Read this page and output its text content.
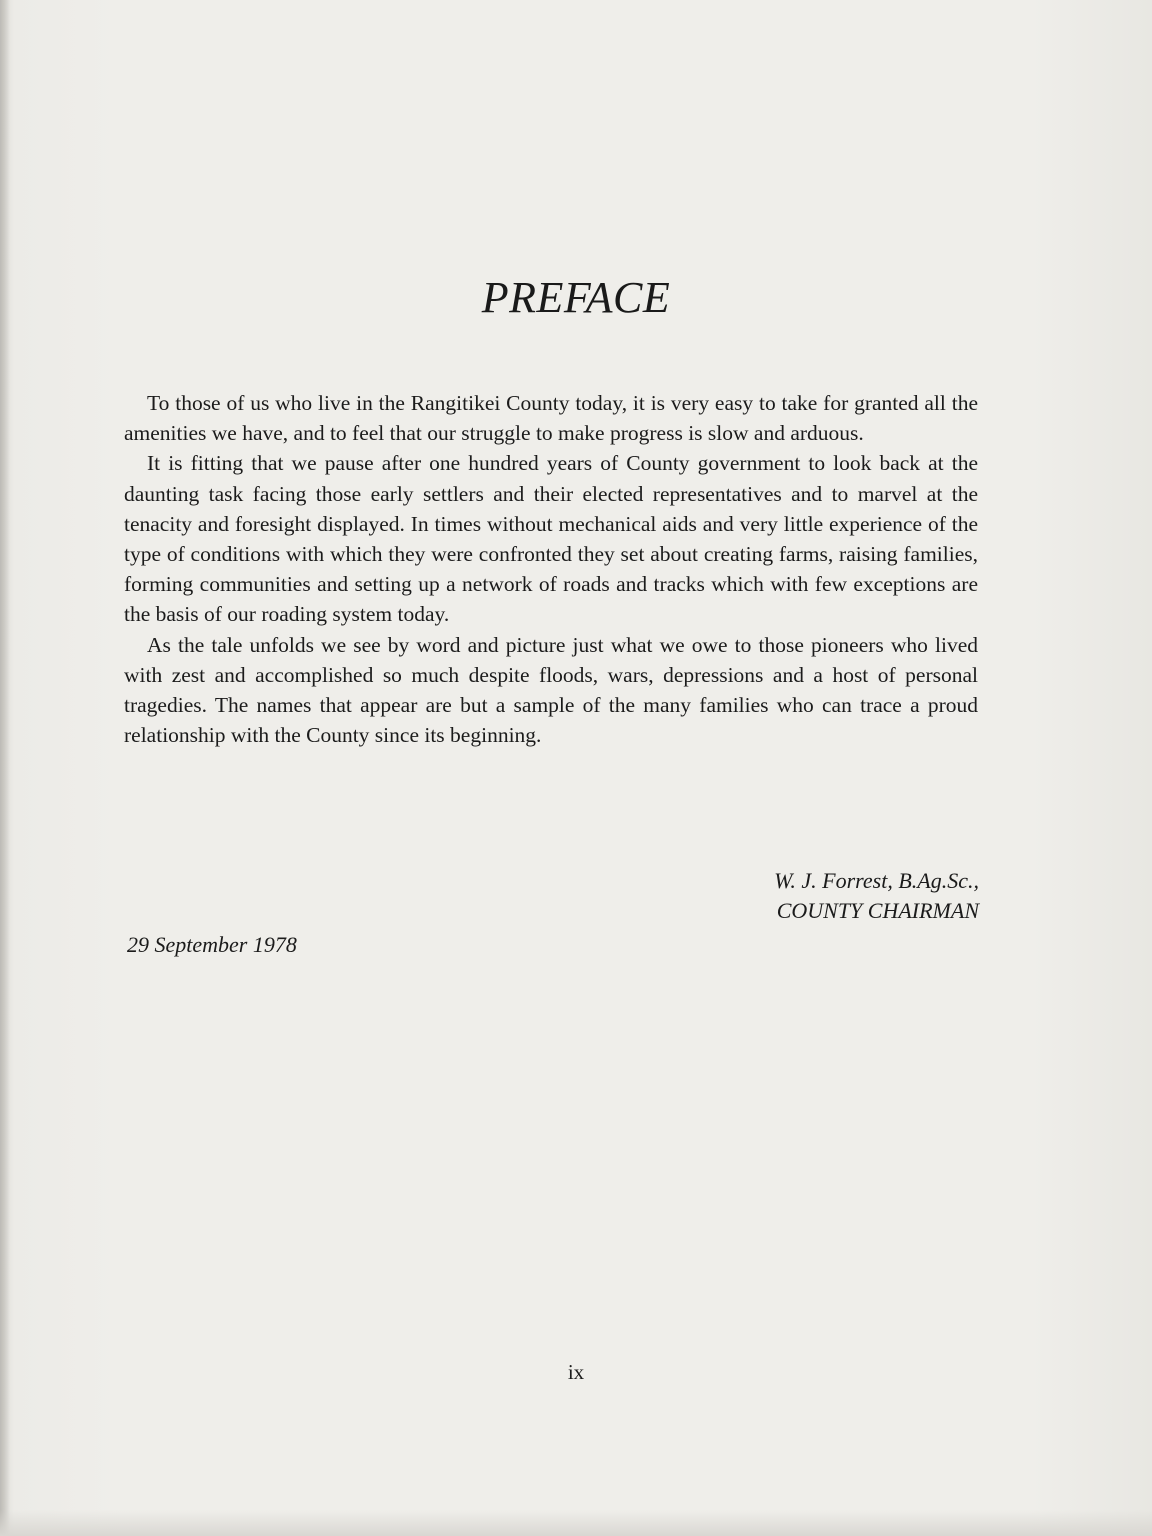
PREFACE

To those of us who live in the Rangitikei County today, it is very easy to take for granted all the amenities we have, and to feel that our struggle to make progress is slow and arduous.

It is fitting that we pause after one hundred years of County government to look back at the daunting task facing those early settlers and their elected representatives and to marvel at the tenacity and foresight displayed. In times without mechanical aids and very little experience of the type of conditions with which they were confronted they set about creating farms, raising families, forming communities and setting up a network of roads and tracks which with few exceptions are the basis of our roading system today.

As the tale unfolds we see by word and picture just what we owe to those pioneers who lived with zest and accomplished so much despite floods, wars, depressions and a host of personal tragedies. The names that appear are but a sample of the many families who can trace a proud relationship with the County since its beginning.

W. J. Forrest, B.Ag.Sc.,
COUNTY CHAIRMAN
29 September 1978
ix
